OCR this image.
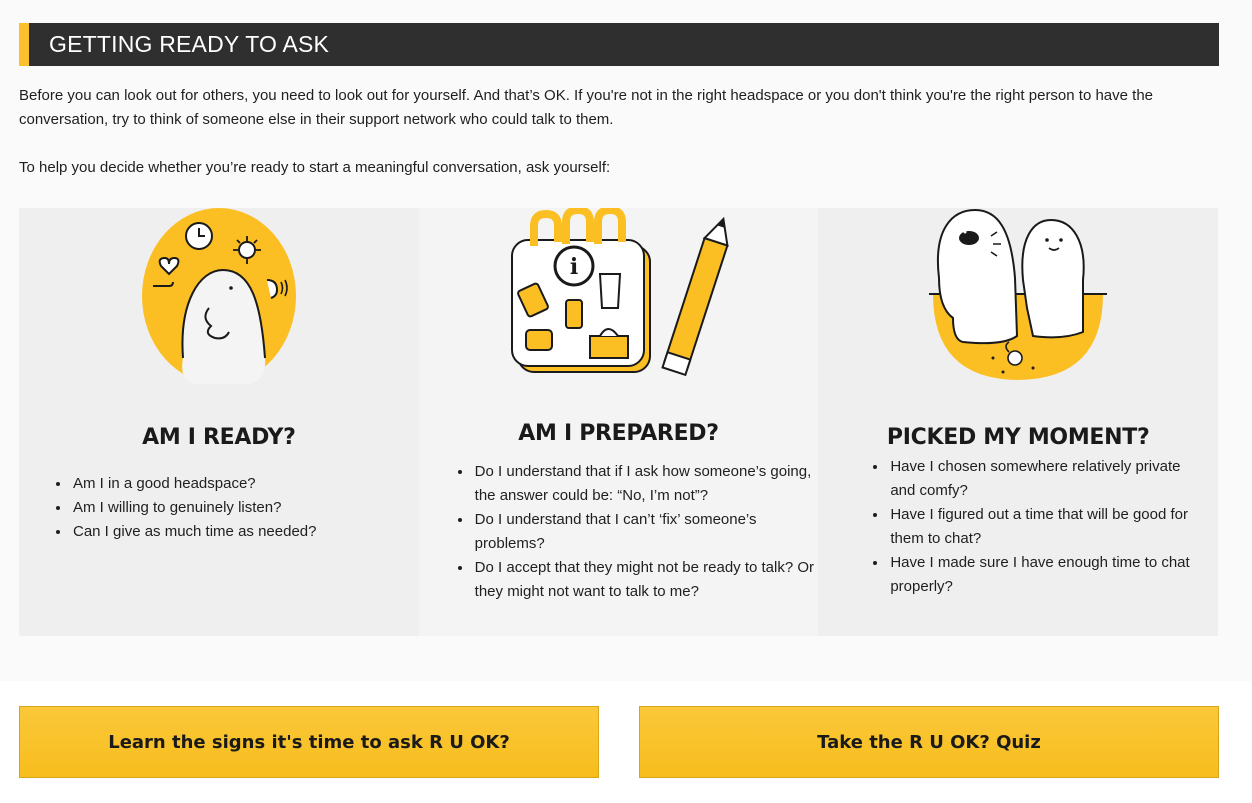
GETTING READY TO ASK

Before you can look out for others, you need to look out for yourself. And that’s OK. If you're not in the right headspace or you don't think you're the right person to have the conversation, try to think of someone else in their support network who could talk to them.

To help you decide whether you’re ready to start a meaningful conversation, ask yourself:

AM I READY?
• Am I in a good headspace?
• Am I willing to genuinely listen?
• Can I give as much time as needed?
i
AM I PREPARED?
• Do I understand that if I ask how someone’s going, the answer could be: “No, I’m not”?
• Do I understand that I can’t ‘fix’ someone’s problems?
• Do I accept that they might not be ready to talk? Or they might not want to talk to me?
PICKED MY MOMENT?
• Have I chosen somewhere relatively private and comfy?
• Have I figured out a time that will be good for them to chat?
• Have I made sure I have enough time to chat properly?
Learn the signs it's time to ask R U OK?	Take the R U OK? Quiz
